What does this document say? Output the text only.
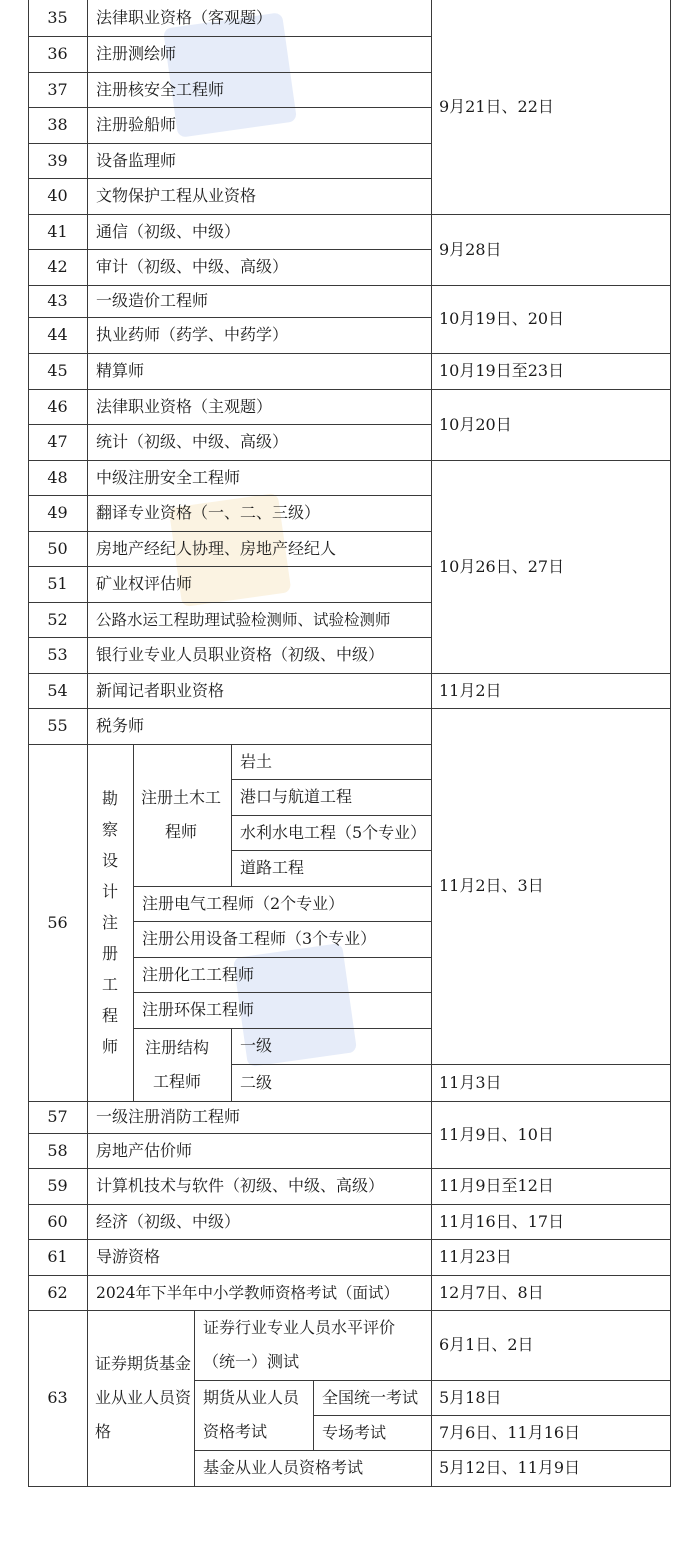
35
36
37
38
39
40
41
42
43
44
45
46
47
48
49
50
51
52
53
54
55
56
57
58
59
60
61
62
63
法律职业资格（客观题）
注册测绘师
注册核安全工程师
注册验船师
设备监理师
文物保护工程从业资格
通信（初级、中级）
审计（初级、中级、高级）
一级造价工程师
执业药师（药学、中药学）
精算师
法律职业资格（主观题）
统计（初级、中级、高级）
中级注册安全工程师
翻译专业资格（一、二、三级）
房地产经纪人协理、房地产经纪人
矿业权评估师
公路水运工程助理试验检测师、试验检测师
银行业专业人员职业资格（初级、中级）
新闻记者职业资格
税务师
一级注册消防工程师
房地产估价师
计算机技术与软件（初级、中级、高级）
经济（初级、中级）
导游资格
2024年下半年中小学教师资格考试（面试）
勘察设计注册工程师
注册土木工程师
岩土
港口与航道工程
水利水电工程（5个专业）
道路工程
注册电气工程师（2个专业）
注册公用设备工程师（3个专业）
注册化工工程师
注册环保工程师
注册结构工程师
一级
二级
证券期货基金业从业人员资格
证券行业专业人员水平评价（统一）测试
期货从业人员资格考试
全国统一考试
专场考试
基金从业人员资格考试
9月21日、22日
9月28日
10月19日、20日
10月19日至23日
10月20日
10月26日、27日
11月2日
11月2日、3日
11月3日
11月9日、10日
11月9日至12日
11月16日、17日
11月23日
12月7日、8日
6月1日、2日
5月18日
7月6日、11月16日
5月12日、11月9日
